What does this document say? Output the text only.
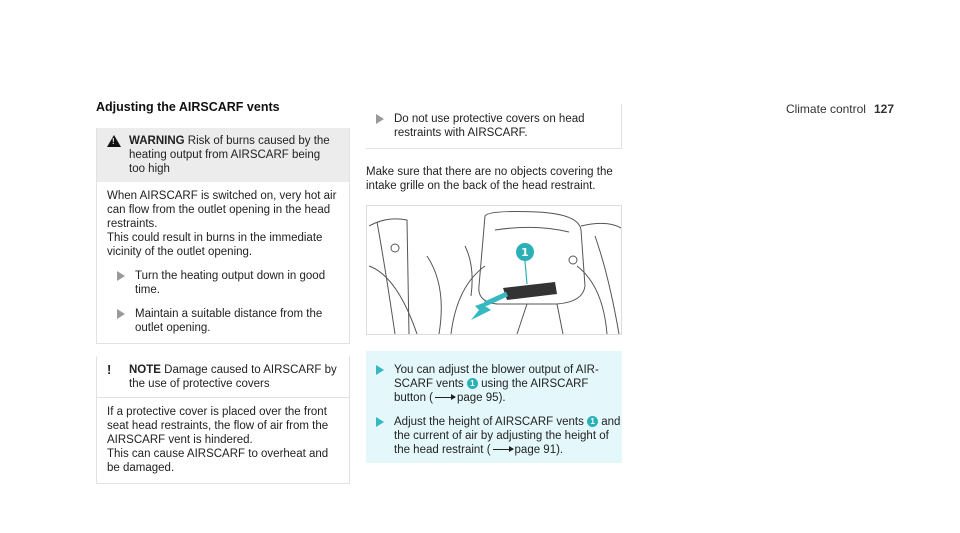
Climate control 127
Adjusting the AIRSCARF vents
!
WARNING Risk of burns caused by the heating output from AIRSCARF being too high

When AIRSCARF is switched on, very hot air can flow from the outlet opening in the head restraints.

This could result in burns in the immediate vicinity of the outlet opening.

Turn the heating output down in good time.
Maintain a suitable distance from the outlet opening.
!	NOTE Damage caused to AIRSCARF by the use of protective covers

If a protective cover is placed over the front seat head restraints, the flow of air from the AIRSCARF vent is hindered.

This can cause AIRSCARF to overheat and be damaged.

Do not use protective covers on head restraints with AIRSCARF.

Make sure that there are no objects covering the intake grille on the back of the head restraint.

1
You can adjust the blower output of AIR-SCARF vents 1 using the AIRSCARF button ( page 95).
Adjust the height of AIRSCARF vents 1 and the current of air by adjusting the height of the head restraint ( page 91).
